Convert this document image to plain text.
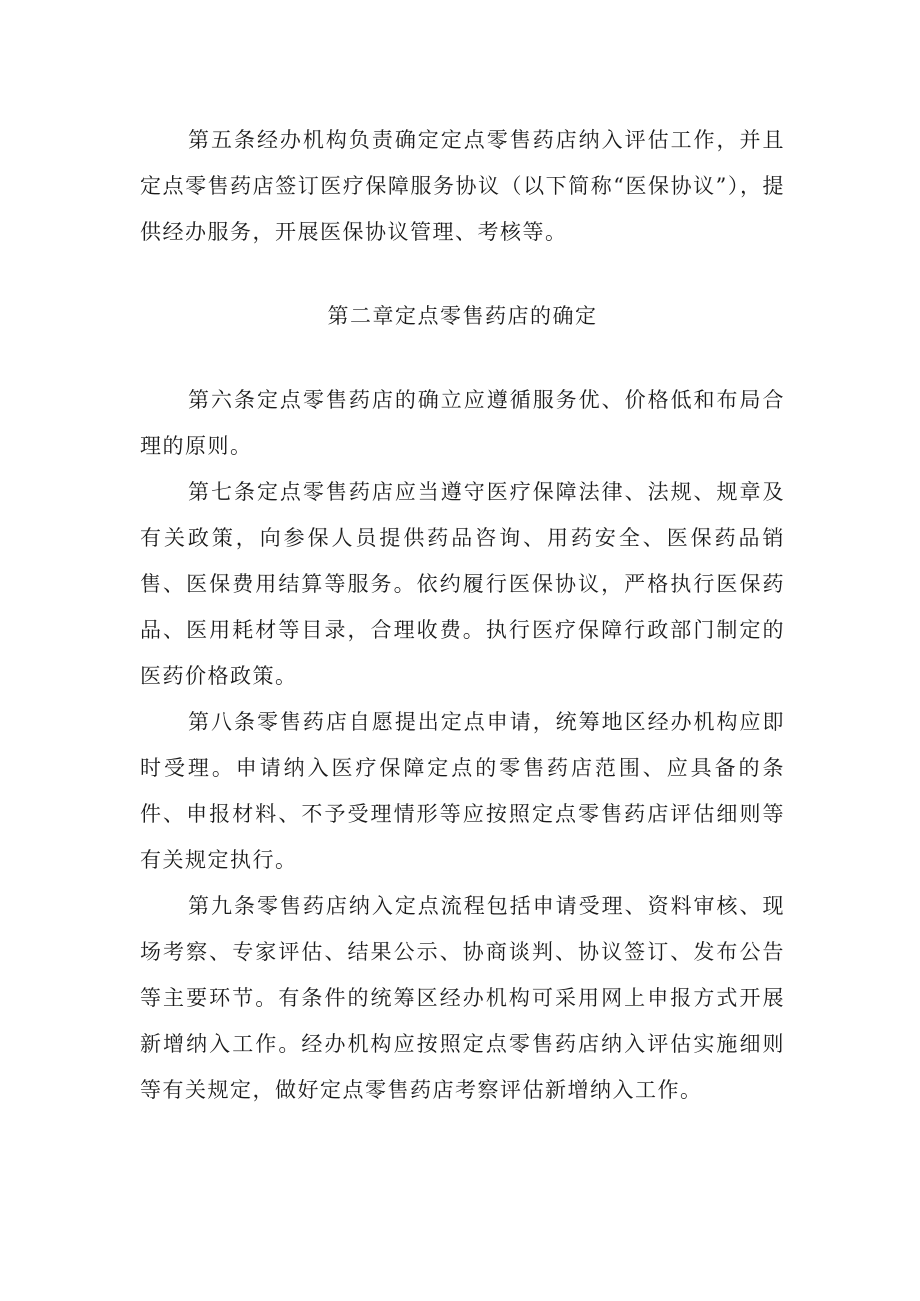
第五条经办机构负责确定定点零售药店纳入评估工作，并且定点零售药店签订医疗保障服务协议（以下简称“医保协议”），提供经办服务，开展医保协议管理、考核等。

第二章定点零售药店的确定

第六条定点零售药店的确立应遵循服务优、价格低和布局合理的原则。

第七条定点零售药店应当遵守医疗保障法律、法规、规章及有关政策，向参保人员提供药品咨询、用药安全、医保药品销售、医保费用结算等服务。依约履行医保协议，严格执行医保药品、医用耗材等目录，合理收费。执行医疗保障行政部门制定的医药价格政策。

第八条零售药店自愿提出定点申请，统筹地区经办机构应即时受理。申请纳入医疗保障定点的零售药店范围、应具备的条件、申报材料、不予受理情形等应按照定点零售药店评估细则等有关规定执行。

第九条零售药店纳入定点流程包括申请受理、资料审核、现场考察、专家评估、结果公示、协商谈判、协议签订、发布公告等主要环节。有条件的统筹区经办机构可采用网上申报方式开展新增纳入工作。经办机构应按照定点零售药店纳入评估实施细则等有关规定，做好定点零售药店考察评估新增纳入工作。
